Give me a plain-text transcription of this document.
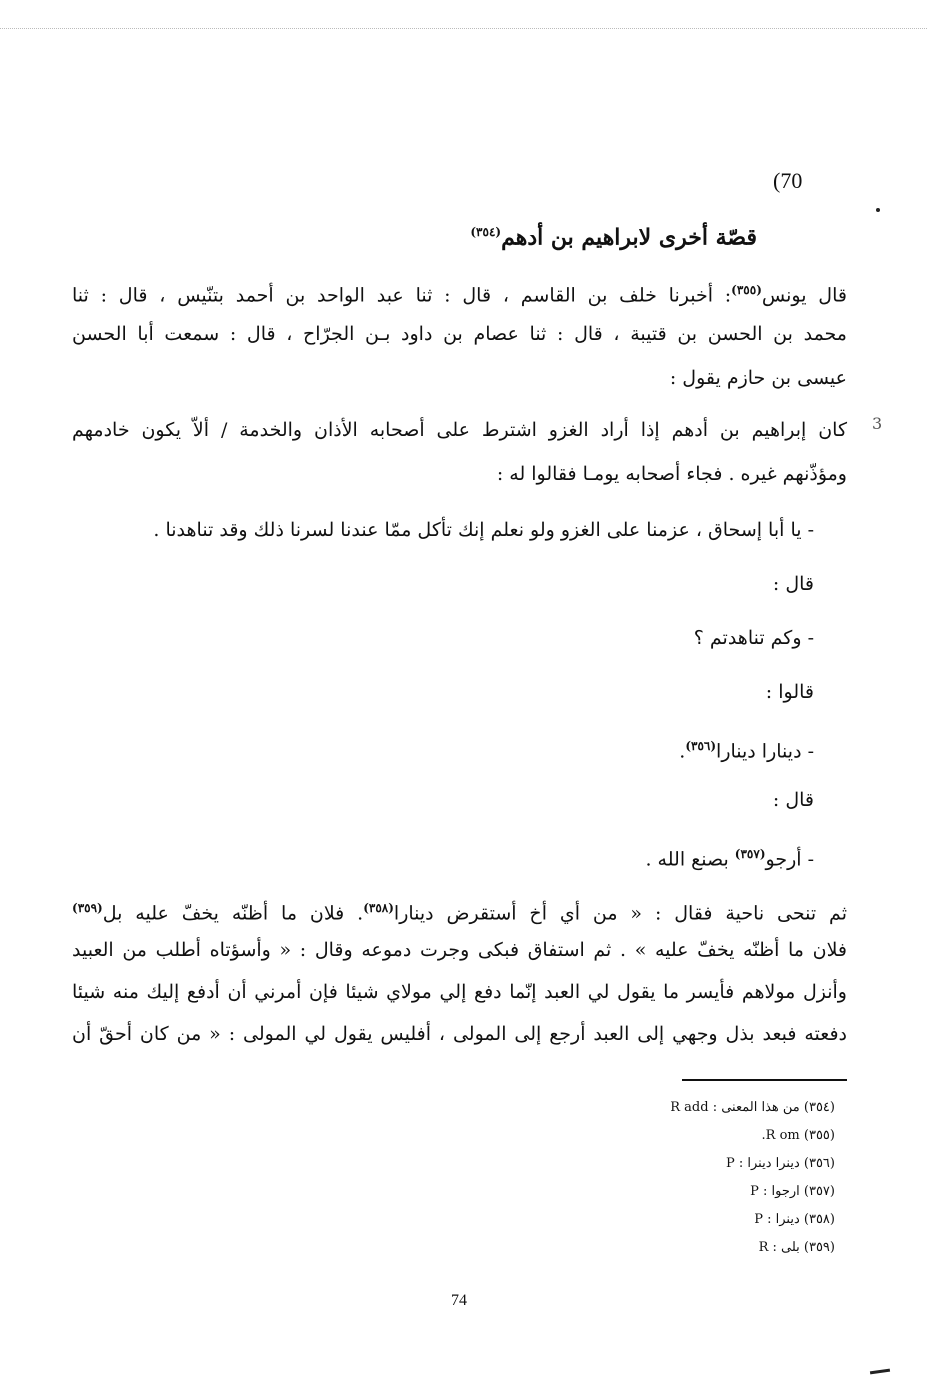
(70
قصّة أخرى لابراهيم بن أدهم$^{(٣٥٤)}$
قال يونس$^{(٣٥٥)}$: أخبرنا خلف بن القاسم ، قال : ثنا عبد الواحد بن أحمد بتنّيس ، قال : ثنا
محمد بن الحسن بن قتيبة ، قال : ثنا عصام بن داود بـن الجرّاح ، قال : سمعت أبا الحسن
عيسى بن حازم يقول :
3
كان إبراهيم بن أدهم إذا أراد الغزو اشترط على أصحابه الأذان والخدمة / ألاّ يكون خادمهم
ومؤذّنهم غيره . فجاء أصحابه يومـا فقالوا له :
- يا أبا إسحاق ، عزمنا على الغزو ولو نعلم إنك تأكل ممّا عندنا لسرنا ذلك وقد تناهدنا .
قال :
- وكم تناهدتم ؟
قالوا :
- دينارا دينارا$^{(٣٥٦)}$.
قال :
- أرجو$^{(٣٥٧)}$ بصنع الله .
ثم تنحى ناحية فقال : « من أي أخ أستقرض دينارا$^{(٣٥٨)}$. فلان ما أظنّه يخفّ عليه بل$^{(٣٥٩)}$
فلان ما أظنّه يخفّ عليه » . ثم استفاق فبكى وجرت دموعه وقال : « وأسؤتاه أطلب من العبيد
وأنزل مولاهم فأيسر ما يقول لي العبد إنّما دفع إلي مولاي شيئا فإن أمرني أن أدفع إليك منه شيئا
دفعته فبعد بذل وجهي إلى العبد أرجع إلى المولى ، أفليس يقول لي المولى : « من كان أحقّ أن
(٣٥٤) من هذا المعنى : R add
(٣٥٥) R om.
(٣٥٦) دينرا دينرا : P
(٣٥٧) ارجوا : P
(٣٥٨) دينرا : P
(٣٥٩) بلى : R
74
